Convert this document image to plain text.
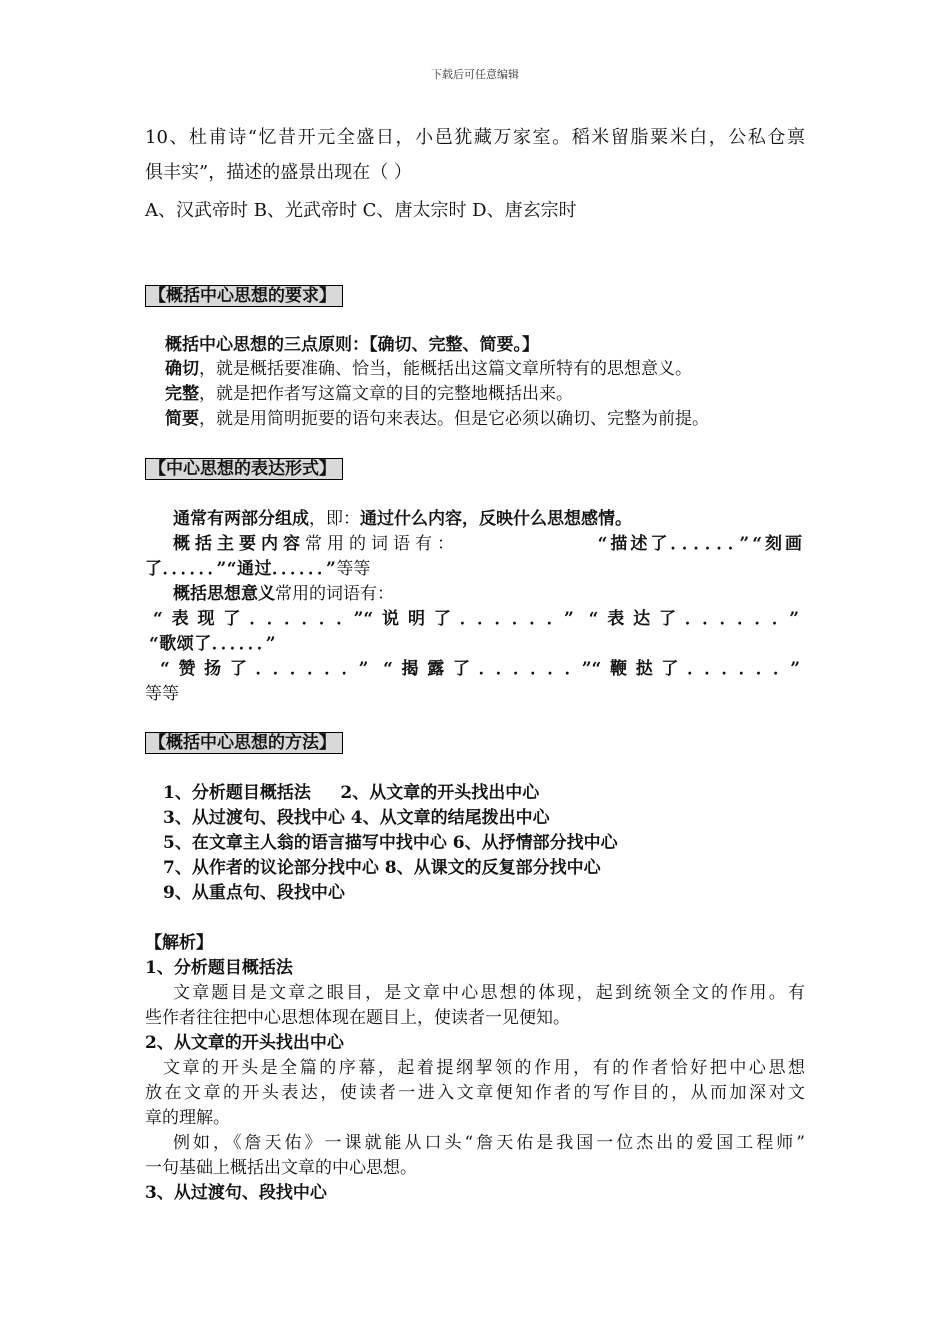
下载后可任意编辑
10、杜甫诗“忆昔开元全盛日，小邑犹藏万家室。稻米留脂粟米白，公私仓禀
俱丰实”，描述的盛景出现在（ ）
A、汉武帝时 B、光武帝时 C、唐太宗时 D、唐玄宗时
【概括中心思想的要求】
概括中心思想的三点原则：【确切、完整、简要。】
确切，就是概括要准确、恰当，能概括出这篇文章所特有的思想意义。
完整，就是把作者写这篇文章的目的完整地概括出来。
简要，就是用简明扼要的语句来表达。但是它必须以确切、完整为前提。
【中心思想的表达形式】
通常有两部分组成，即：通过什么内容，反映什么思想感情。
概括主要内容常用的词语有：	“描述了．．．．．．”“刻画
了．．．．．．”“通过．．．．．．”等等
概括思想意义常用的词语有：
“表现了．．．．．．”“说明了．．．．．．” “表达了．．．．．．”
“歌颂了．．．．．．”
“赞扬了．．．．．．” “揭露了．．．．．．”“鞭挞了．．．．．．”
等等
【概括中心思想的方法】
1、分析题目概括法     2、从文章的开头找出中心
3、从过渡句、段找中心 4、从文章的结尾拨出中心
5、在文章主人翁的语言描写中找中心 6、从抒情部分找中心
7、从作者的议论部分找中心 8、从课文的反复部分找中心
9、从重点句、段找中心
【解析】
1、分析题目概括法
文章题目是文章之眼目，是文章中心思想的体现，起到统领全文的作用。有
些作者往往把中心思想体现在题目上，使读者一见便知。
2、从文章的开头找出中心
文章的开头是全篇的序幕，起着提纲挈领的作用，有的作者恰好把中心思想
放在文章的开头表达，使读者一进入文章便知作者的写作目的，从而加深对文
章的理解。
例如，《詹天佑》一课就能从口头“詹天佑是我国一位杰出的爱国工程师”
一句基础上概括出文章的中心思想。
3、从过渡句、段找中心
